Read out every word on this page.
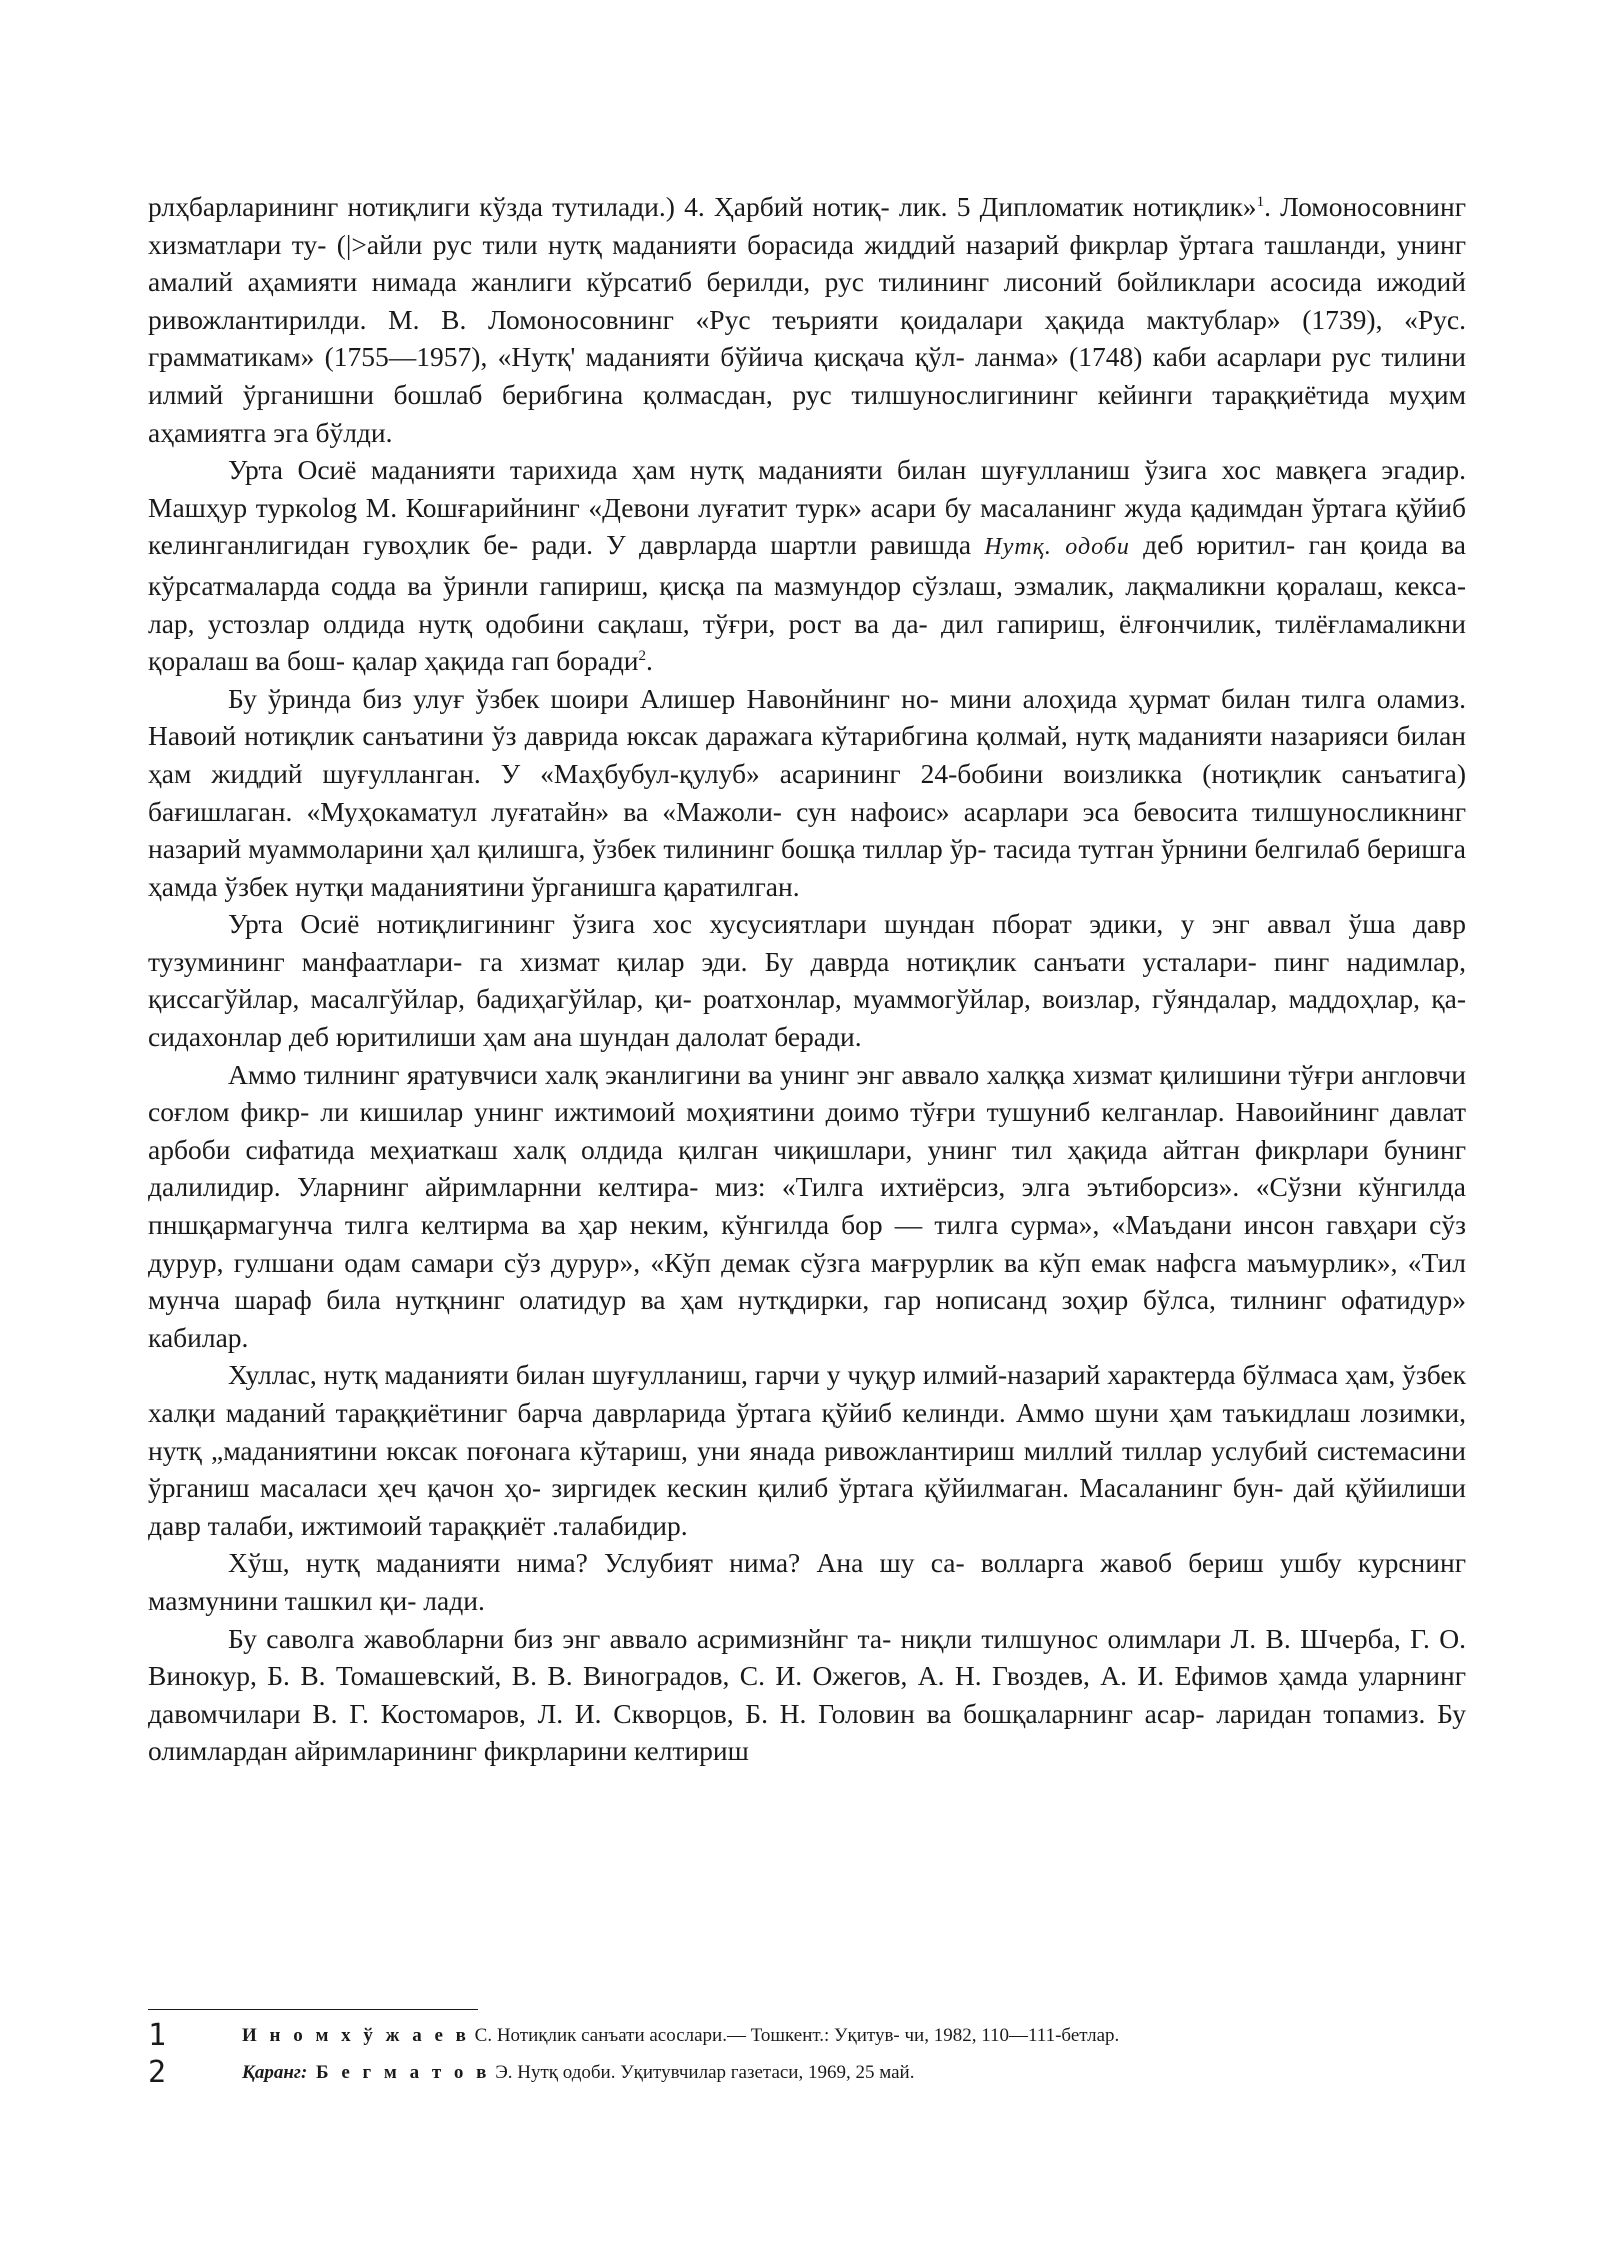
рлҳбарларининг нотиқлиги кўзда тутилади.) 4. Ҳарбий нотиқ- лик. 5 Дипломатик нотиқлик»$^1$. Ломоносовнинг хизматлари ту- (|>айли рус тили нутқ маданияти борасида жиддий назарий фикрлар ўртага ташланди, унинг амалий аҳамияти нимада жанлиги кўрсатиб берилди, рус тилининг лисоний бойликлари асосида ижодий ривожлантирилди. М. В. Ломоносовнинг «Рус теърияти қоидалари ҳақида мактублар» (1739), «Рус. грамматикам» (1755—1957), «Нутқ' маданияти бўйича қисқача қўл- ланма» (1748) каби асарлари рус тилини илмий ўрганишни бошлаб берибгина қолмасдан, рус тилшунослигининг кейинги тараққиётида муҳим аҳамиятга эга бўлди.

Урта Осиё маданияти тарихида ҳам нутқ маданияти билан шуғулланиш ўзига хос мавқега эгадир. Машҳур туркolog М. Кошғарийнинг «Девони луғатит турк» асари бу масаланинг жуда қадимдан ўртага қўйиб келинганлигидан гувоҳлик бе- ради. У даврларда шартли равишда Нутқ. одоби деб юритил- ган қоида ва кўрсатмаларда содда ва ўринли гапириш, қисқа па мазмундор сўзлаш, эзмалик, лақмаликни қоралаш, кекса- лар, устозлар олдида нутқ одобини сақлаш, тўғри, рост ва да- дил гапириш, ёлғончилик, тилёғламаликни қоралаш ва бош- қалар ҳақида гап боради$^2$.

Бу ўринда биз улуғ ўзбек шоири Алишер Навонйнинг но- мини алоҳида ҳурмат билан тилга оламиз. Навоий нотиқлик санъатини ўз даврида юксак даражага кўтарибгина қолмай, нутқ маданияти назарияси билан ҳам жиддий шуғулланган. У «Маҳбубул-қулуб» асарининг 24-бобини воизликка (нотиқлик санъатига) бағишлаган. «Муҳокаматул луғатайн» ва «Мажоли- сун нафоис» асарлари эса бевосита тилшуносликнинг назарий муаммоларини ҳал қилишга, ўзбек тилининг бошқа тиллар ўр- тасида тутган ўрнини белгилаб беришга ҳамда ўзбек нутқи маданиятини ўрганишга қаратилган.

Урта Осиё нотиқлигининг ўзига хос хусусиятлари шундан пборат эдики, у энг аввал ўша давр тузумининг манфаатлари- га хизмат қилар эди. Бу даврда нотиқлик санъати усталари- пинг надимлар, қиссагўйлар, масалгўйлар, бадиҳагўйлар, қи- роатхонлар, муаммогўйлар, воизлар, гўяндалар, маддоҳлар, қа- сидахонлар деб юритилиши ҳам ана шундан далолат беради.

Аммо тилнинг яратувчиси халқ эканлигини ва унинг энг аввало халққа хизмат қилишини тўғри англовчи соғлом фикр- ли кишилар унинг ижтимоий моҳиятини доимо тўғри тушуниб келганлар. Навоийнинг давлат арбоби сифатида меҳиаткаш халқ олдида қилган чиқишлари, унинг тил ҳақида айтган фикрлари бунинг далилидир. Уларнинг айримларнни келтира- миз: «Тилга ихтиёрсиз, элга эътиборсиз». «Сўзни кўнгилда пншқармагунча тилга келтирма ва ҳар неким, кўнгилда бор — тилга сурма», «Маъдани инсон гавҳари сўз дурур, гулшани одам самари сўз дурур», «Кўп демак сўзга мағрурлик ва кўп емак нафсга маъмурлик», «Тил мунча шараф била нутқнинг олатидур ва ҳам нутқдирки, гар нописанд зоҳир бўлса, тилнинг офатидур» кабилар.

Хуллас, нутқ маданияти билан шуғулланиш, гарчи у чуқур илмий-назарий характерда бўлмаса ҳам, ўзбек халқи маданий тараққиётиниг барча даврларида ўртага қўйиб келинди. Аммо шуни ҳам таъкидлаш лозимки, нутқ „маданиятини юксак поғонага кўтариш, уни янада ривожлантириш миллий тиллар услубий системасини ўрганиш масаласи ҳеч қачон ҳо- зиргидек кескин қилиб ўртага қўйилмаган. Масаланинг бун- дай қўйилиши давр талаби, ижтимоий тараққиёт .талабидир.

Хўш, нутқ маданияти нима? Услубият нима? Ана шу са- волларга жавоб бериш ушбу курснинг мазмунини ташкил қи- лади.

Бу саволга жавобларни биз энг аввало асримизнйнг та- ниқли тилшунос олимлари Л. В. Шчерба, Г. О. Винокур, Б. В. Томашевский, В. В. Виноградов, С. И. Ожегов, А. Н. Гвоздев, А. И. Ефимов ҳамда уларнинг давомчилари В. Г. Костомаров, Л. И. Скворцов, Б. Н. Головин ва бошқаларнинг асар- ларидан топамиз. Бу олимлардан айримларининг фикрларини келтириш

1	И н о м х ў ж а е в С. Нотиқлик санъати асослари.— Тошкент.: Уқитув- чи, 1982, 110—111-бетлар.
2	Қаранг: Б е г м а т о в Э. Нутқ одоби. Уқитувчилар газетаси, 1969, 25 май.
